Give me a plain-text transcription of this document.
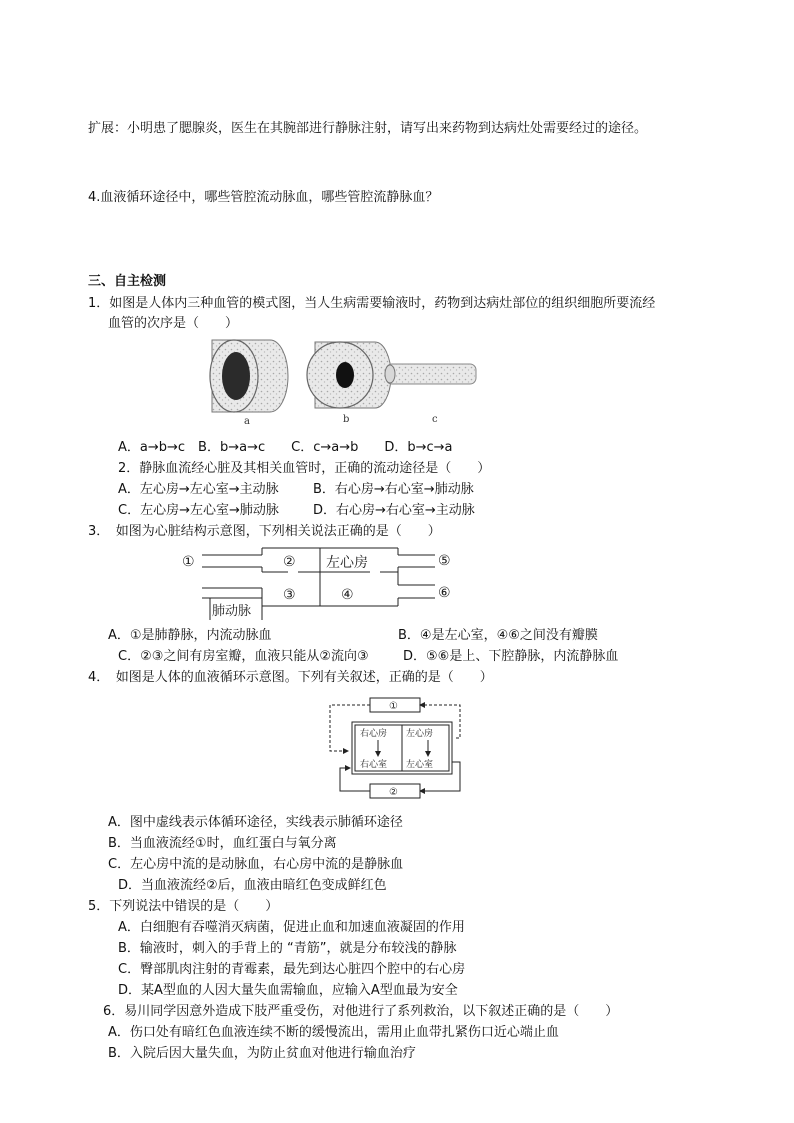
扩展：小明患了腮腺炎，医生在其腕部进行静脉注射，请写出来药物到达病灶处需要经过的途径。
4.血液循环途径中，哪些管腔流动脉血，哪些管腔流静脉血？
三、自主检测
1．如图是人体内三种血管的模式图，当人生病需要输液时，药物到达病灶部位的组织细胞所要流经
血管的次序是（　　）
a	b	c
A．a→b→c　B．b→a→c　　C．c→a→b　　D．b→c→a
2．静脉血流经心脏及其相关血管时，正确的流动途径是（　　）
A．左心房→左心室→主动脉	B．右心房→右心室→肺动脉
C．左心房→左心室→肺动脉	D．右心房→右心室→主动脉
3．　如图为心脏结构示意图，下列相关说法正确的是（　　）
①	② 左心房
③	④
⑤
⑥
肺动脉
A．①是肺静脉，内流动脉血	B．④是左心室，④⑥之间没有瓣膜
C．②③之间有房室瓣，血液只能从②流向③	D．⑤⑥是上、下腔静脉，内流静脉血
4．　如图是人体的血液循环示意图。下列有关叙述，正确的是（　　）
①
右心房 左心房
右心室 左心室
②
A．图中虚线表示体循环途径，实线表示肺循环途径
B．当血液流经①时，血红蛋白与氧分离
C．左心房中流的是动脉血，右心房中流的是静脉血
D．当血液流经②后，血液由暗红色变成鲜红色
5．下列说法中错误的是（　　）
A．白细胞有吞噬消灭病菌，促进止血和加速血液凝固的作用
B．输液时，刺入的手背上的 “青筋”，就是分布较浅的静脉
C．臀部肌肉注射的青霉素，最先到达心脏四个腔中的右心房
D．某A型血的人因大量失血需输血，应输入A型血最为安全
6．易川同学因意外造成下肢严重受伤，对他进行了系列救治，以下叙述正确的是（　　）
A．伤口处有暗红色血液连续不断的缓慢流出，需用止血带扎紧伤口近心端止血
B．入院后因大量失血，为防止贫血对他进行输血治疗
